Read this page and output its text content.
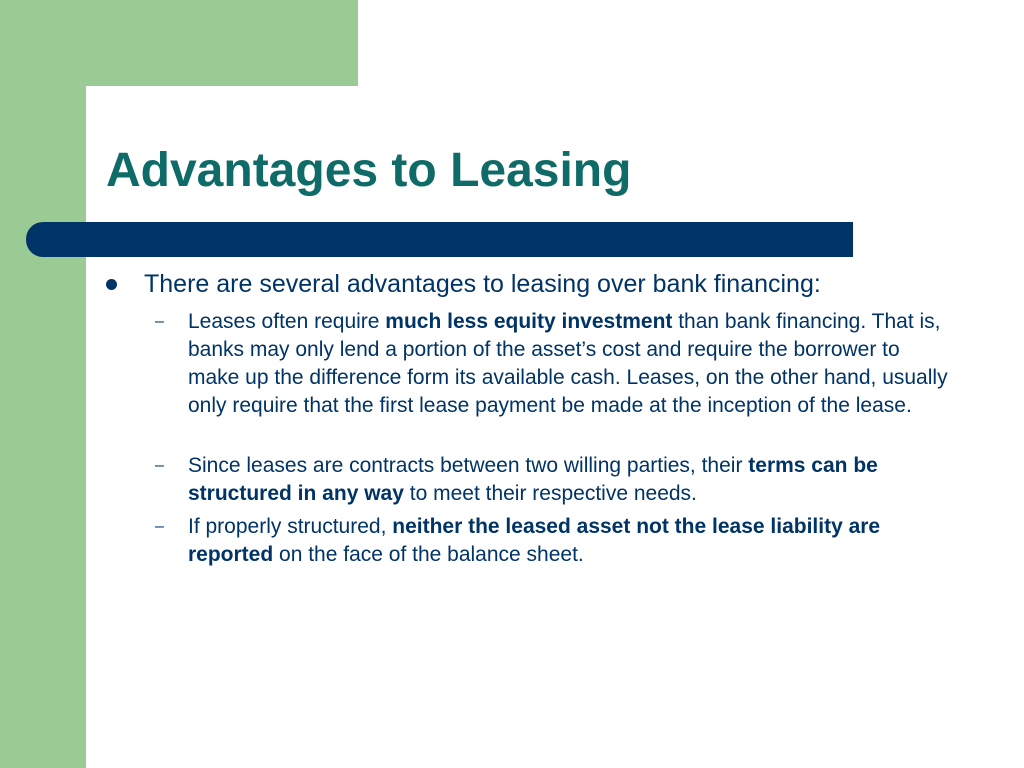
Advantages to Leasing
There are several advantages to leasing over bank financing:
– Leases often require much less equity investment than bank financing. That is, banks may only lend a portion of the asset’s cost and require the borrower to make up the difference form its available cash. Leases, on the other hand, usually only require that the first lease payment be made at the inception of the lease.
– Since leases are contracts between two willing parties, their terms can be structured in any way to meet their respective needs.
– If properly structured, neither the leased asset not the lease liability are reported on the face of the balance sheet.
